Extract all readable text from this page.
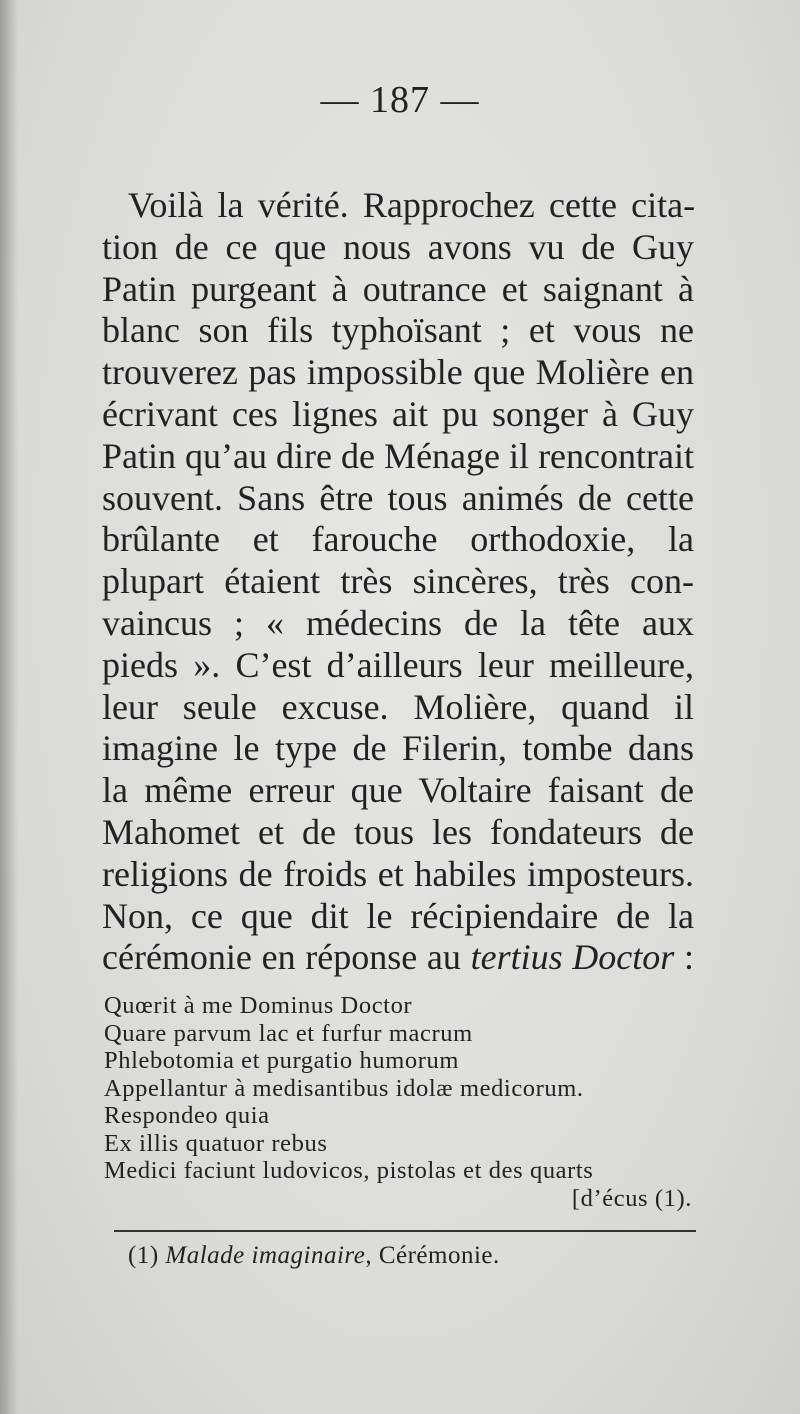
— 187 —
Voilà la vérité. Rapprochez cette cita-
tion de ce que nous avons vu de Guy
Patin purgeant à outrance et saignant à
blanc son fils typhoïsant ; et vous ne
trouverez pas impossible que Molière en
écrivant ces lignes ait pu songer à Guy
Patin qu’au dire de Ménage il rencontrait
souvent. Sans être tous animés de cette
brûlante et farouche orthodoxie, la
plupart étaient très sincères, très con-
vaincus ; « médecins de la tête aux
pieds ». C’est d’ailleurs leur meilleure,
leur seule excuse. Molière, quand il
imagine le type de Filerin, tombe dans
la même erreur que Voltaire faisant de
Mahomet et de tous les fondateurs de
religions de froids et habiles imposteurs.
Non, ce que dit le récipiendaire de la
cérémonie en réponse au tertius Doctor :
Quœrit à me Dominus Doctor
Quare parvum lac et furfur macrum
Phlebotomia et purgatio humorum
Appellantur à medisantibus idolæ medicorum.
Respondeo quia
Ex illis quatuor rebus
Medici faciunt ludovicos, pistolas et des quarts
[d’écus (1).
(1) Malade imaginaire, Cérémonie.
